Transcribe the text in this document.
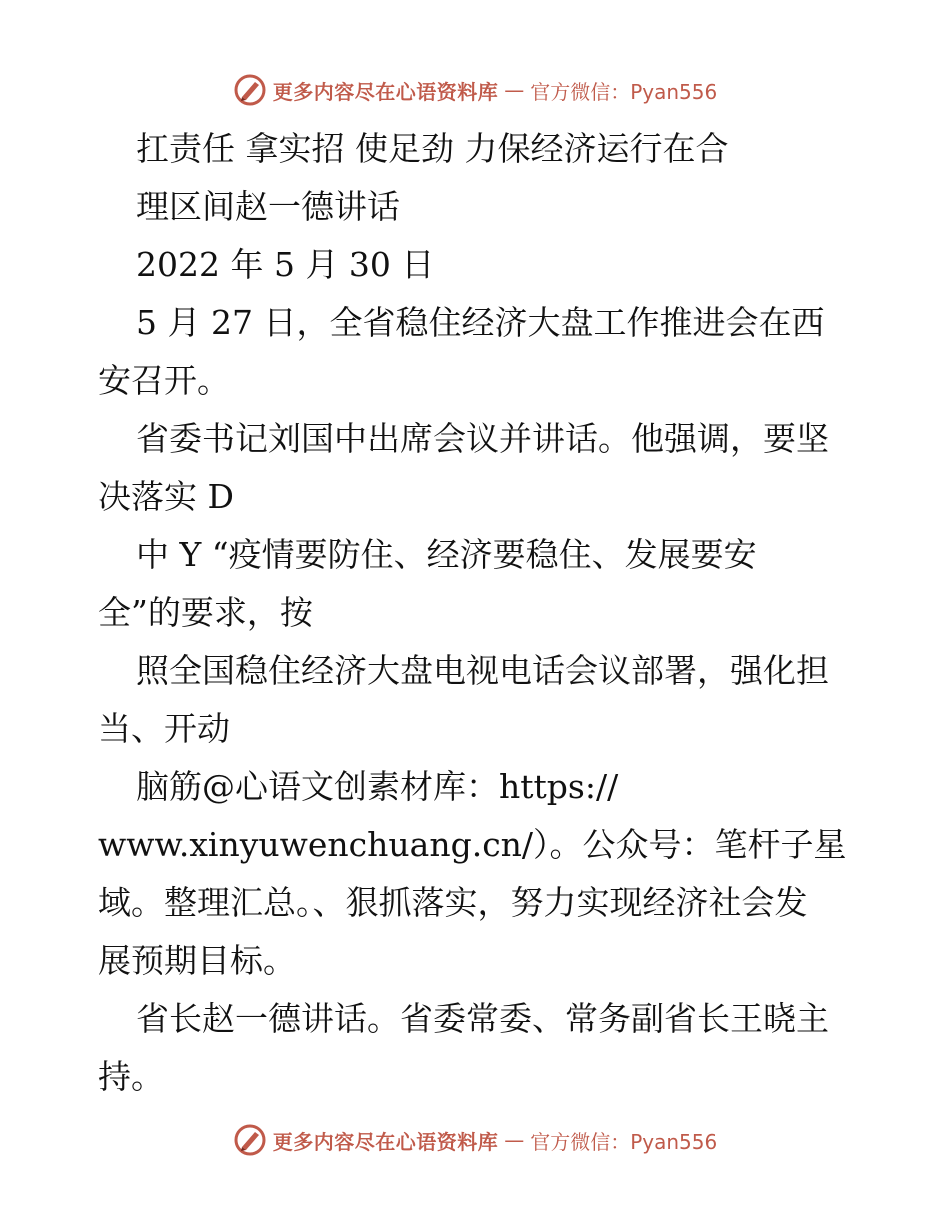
更多内容尽在心语资料库 — 官方微信：Pyan556
扛责任 拿实招 使足劲 力保经济运行在合
理区间赵一德讲话
2022 年 5 月 30 日
5 月 27 日，全省稳住经济大盘工作推进会在西
安召开。
省委书记刘国中出席会议并讲话。他强调，要坚
决落实 D
中 Y “疫情要防住、经济要稳住、发展要安
全”的要求，按
照全国稳住经济大盘电视电话会议部署，强化担
当、开动
脑筋@心语文创素材库：https://
www.xinyuwenchuang.cn/）。公众号：笔杆子星
域。整理汇总。、狠抓落实，努力实现经济社会发
展预期目标。
省长赵一德讲话。省委常委、常务副省长王晓主
持。
更多内容尽在心语资料库 — 官方微信：Pyan556
